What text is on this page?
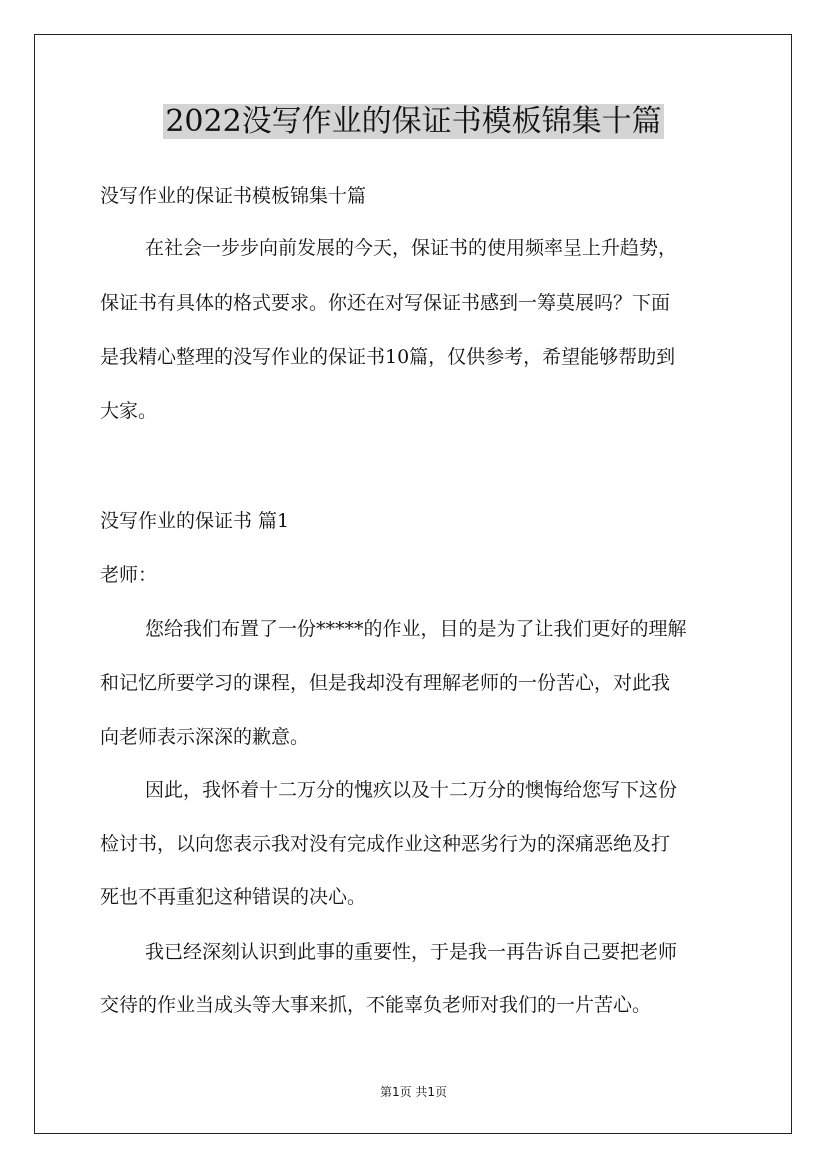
2022没写作业的保证书模板锦集十篇
没写作业的保证书模板锦集十篇
在社会一步步向前发展的今天，保证书的使用频率呈上升趋势，
保证书有具体的格式要求。你还在对写保证书感到一筹莫展吗？下面
是我精心整理的没写作业的保证书10篇，仅供参考，希望能够帮助到
大家。
没写作业的保证书 篇1
老师：
您给我们布置了一份*****的作业，目的是为了让我们更好的理解
和记忆所要学习的课程，但是我却没有理解老师的一份苦心，对此我
向老师表示深深的歉意。
因此，我怀着十二万分的愧疚以及十二万分的懊悔给您写下这份
检讨书，以向您表示我对没有完成作业这种恶劣行为的深痛恶绝及打
死也不再重犯这种错误的决心。
我已经深刻认识到此事的重要性，于是我一再告诉自己要把老师
交待的作业当成头等大事来抓，不能辜负老师对我们的一片苦心。
第1页 共1页
